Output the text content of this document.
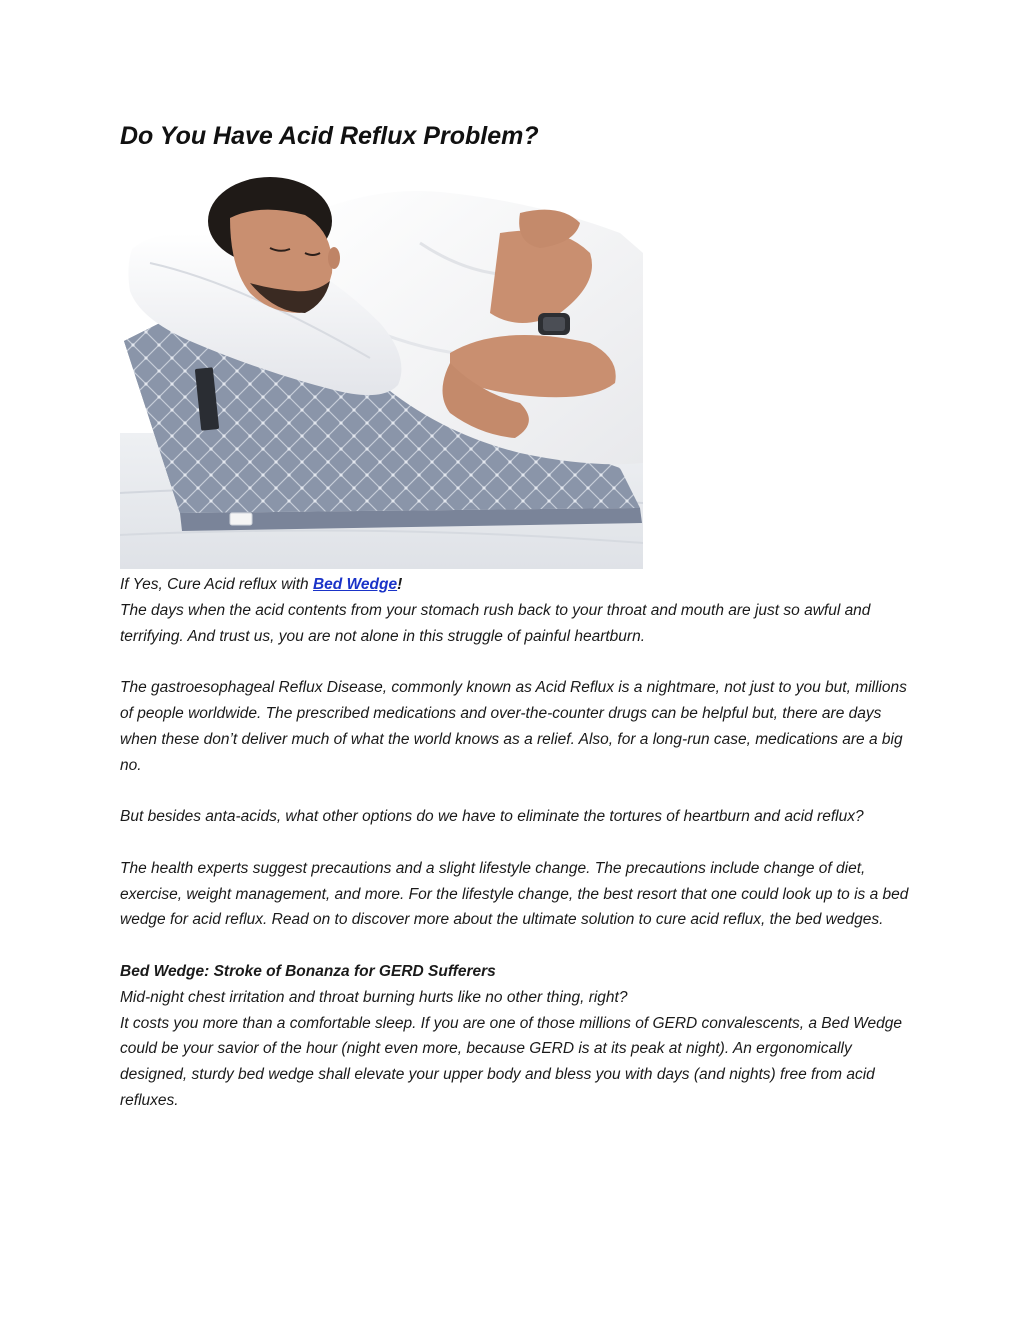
Do You Have Acid Reflux Problem?

If Yes, Cure Acid reflux with Bed Wedge!

The days when the acid contents from your stomach rush back to your throat and mouth are just so awful and terrifying. And trust us, you are not alone in this struggle of painful heartburn.

The gastroesophageal Reflux Disease, commonly known as Acid Reflux is a nightmare, not just to you but, millions of people worldwide. The prescribed medications and over-the-counter drugs can be helpful but, there are days when these don’t deliver much of what the world knows as a relief. Also, for a long-run case, medications are a big no.

But besides anta-acids, what other options do we have to eliminate the tortures of heartburn and acid reflux?

The health experts suggest precautions and a slight lifestyle change. The precautions include change of diet, exercise, weight management, and more. For the lifestyle change, the best resort that one could look up to is a bed wedge for acid reflux. Read on to discover more about the ultimate solution to cure acid reflux, the bed wedges.

Bed Wedge: Stroke of Bonanza for GERD Sufferers

Mid-night chest irritation and throat burning hurts like no other thing, right?

It costs you more than a comfortable sleep. If you are one of those millions of GERD convalescents, a Bed Wedge could be your savior of the hour (night even more, because GERD is at its peak at night). An ergonomically designed, sturdy bed wedge shall elevate your upper body and bless you with days (and nights) free from acid refluxes.
